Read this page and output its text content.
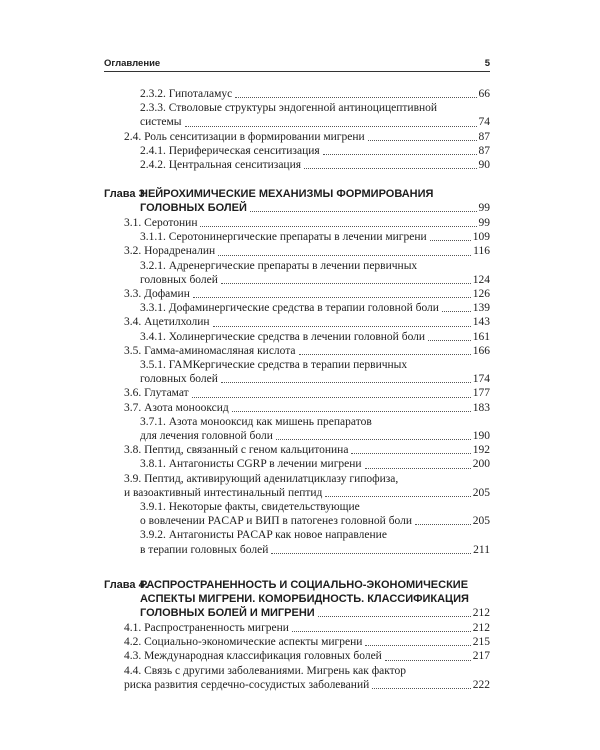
Оглавление	5
2.3.2. Гипоталамус	66
2.3.3. Стволовые структуры эндогенной антиноцицептивной
системы	74
2.4. Роль сенситизации в формировании мигрени	87
2.4.1. Периферическая сенситизация	87
2.4.2. Центральная сенситизация	90
Глава 3.
НЕЙРОХИМИЧЕСКИЕ МЕХАНИЗМЫ ФОРМИРОВАНИЯ
ГОЛОВНЫХ БОЛЕЙ	99
3.1. Серотонин	99
3.1.1. Серотонинергические препараты в лечении мигрени	109
3.2. Норадреналин	116
3.2.1. Адренергические препараты в лечении первичных
головных болей	124
3.3. Дофамин	126
3.3.1. Дофаминергические средства в терапии головной боли	139
3.4. Ацетилхолин	143
3.4.1. Холинергические средства в лечении головной боли	161
3.5. Гамма-аминомасляная кислота	166
3.5.1. ГАМКергические средства в терапии первичных
головных болей	174
3.6. Глутамат	177
3.7. Азота монооксид	183
3.7.1. Азота монооксид как мишень препаратов
для лечения головной боли	190
3.8. Пептид, связанный с геном кальцитонина	192
3.8.1. Антагонисты CGRP в лечении мигрени	200
3.9. Пептид, активирующий аденилатциклазу гипофиза,
и вазоактивный интестинальный пептид	205
3.9.1. Некоторые факты, свидетельствующие
о вовлечении PACAP и ВИП в патогенез головной боли	205
3.9.2. Антагонисты PACAP как новое направление
в терапии головных болей	211
Глава 4.
РАСПРОСТРАНЕННОСТЬ И СОЦИАЛЬНО-ЭКОНОМИЧЕСКИЕ
АСПЕКТЫ МИГРЕНИ. КОМОРБИДНОСТЬ. КЛАССИФИКАЦИЯ
ГОЛОВНЫХ БОЛЕЙ И МИГРЕНИ	212
4.1. Распространенность мигрени	212
4.2. Социально-экономические аспекты мигрени	215
4.3. Международная классификация головных болей	217
4.4. Связь с другими заболеваниями. Мигрень как фактор
риска развития сердечно-сосудистых заболеваний	222
